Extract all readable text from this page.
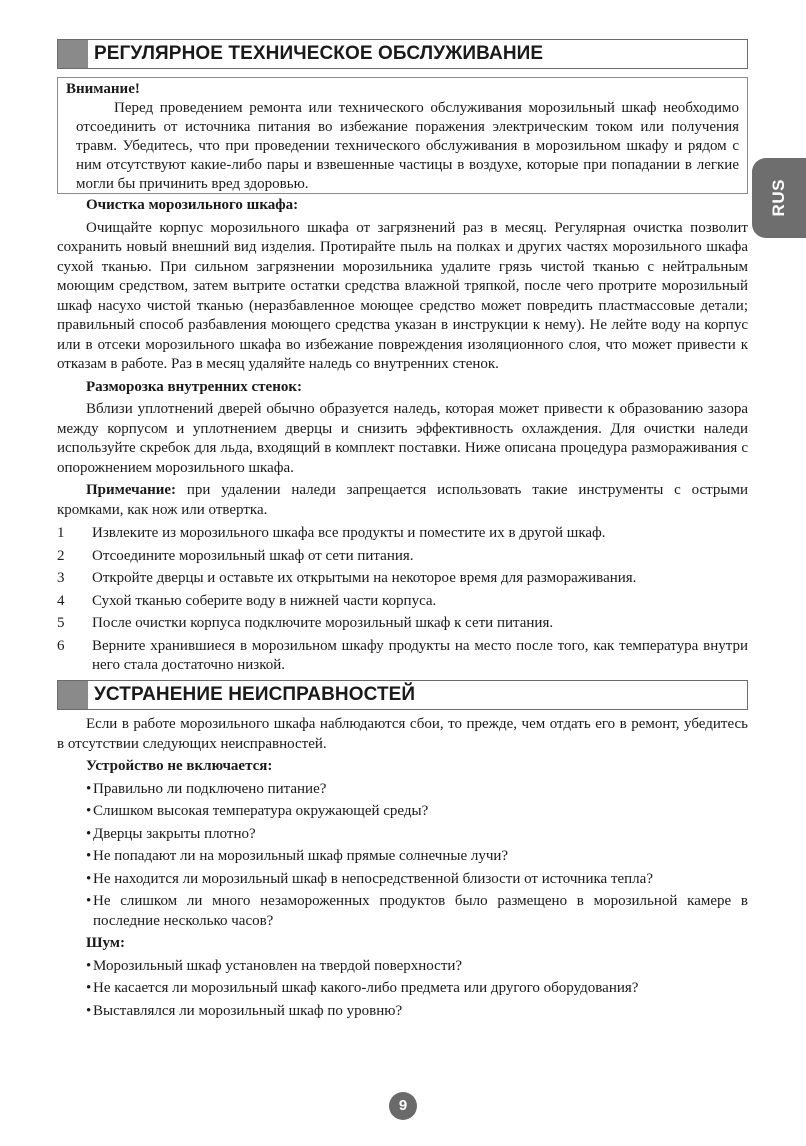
РЕГУЛЯРНОЕ ТЕХНИЧЕСКОЕ ОБСЛУЖИВАНИЕ
Внимание!
Перед проведением ремонта или технического обслуживания морозильный шкаф необходимо отсоединить от источника питания во избежание поражения электрическим током или получения травм. Убедитесь, что при проведении технического обслуживания в морозильном шкафу и рядом с ним отсутствуют какие-либо пары и взвешенные частицы в воздухе, которые при попадании в легкие могли бы причинить вред здоровью.	RUS
Очистка морозильного шкафа:
Очищайте корпус морозильного шкафа от загрязнений раз в месяц. Регулярная очистка позволит сохранить новый внешний вид изделия. Протирайте пыль на полках и других частях морозильного шкафа сухой тканью. При сильном загрязнении морозильника удалите грязь чистой тканью с нейтральным моющим средством, затем вытрите остатки средства влажной тряпкой, после чего протрите морозильный шкаф насухо чистой тканью (неразбавленное моющее средство может повредить пластмассовые детали; правильный способ разбавления моющего средства указан в инструкции к нему). Не лейте воду на корпус или в отсеки морозильного шкафа во избежание повреждения изоляционного слоя, что может привести к отказам в работе. Раз в месяц удаляйте наледь со внутренних стенок.
Разморозка внутренних стенок:
Вблизи уплотнений дверей обычно образуется наледь, которая может привести к образованию зазора между корпусом и уплотнением дверцы и снизить эффективность охлаждения. Для очистки наледи используйте скребок для льда, входящий в комплект поставки. Ниже описана процедура размораживания с опорожнением морозильного шкафа.
Примечание: при удалении наледи запрещается использовать такие инструменты с острыми кромками, как нож или отвертка.
1	Извлеките из морозильного шкафа все продукты и поместите их в другой шкаф.
2	Отсоедините морозильный шкаф от сети питания.
3	Откройте дверцы и оставьте их открытыми на некоторое время для размораживания.
4	Сухой тканью соберите воду в нижней части корпуса.
5	После очистки корпуса подключите морозильный шкаф к сети питания.
6	Верните хранившиеся в морозильном шкафу продукты на место после того, как температура внутри него стала достаточно низкой.
УСТРАНЕНИЕ НЕИСПРАВНОСТЕЙ
Если в работе морозильного шкафа наблюдаются сбои, то прежде, чем отдать его в ремонт, убедитесь в отсутствии следующих неисправностей.
Устройство не включается:
• Правильно ли подключено питание?
• Слишком высокая температура окружающей среды?
• Дверцы закрыты плотно?
• Не попадают ли на морозильный шкаф прямые солнечные лучи?
• Не находится ли морозильный шкаф в непосредственной близости от источника тепла?
• Не слишком ли много незамороженных продуктов было размещено в морозильной камере в последние несколько часов?
Шум:
• Морозильный шкаф установлен на твердой поверхности?
• Не касается ли морозильный шкаф какого-либо предмета или другого оборудования?
• Выставлялся ли морозильный шкаф по уровню?
9
